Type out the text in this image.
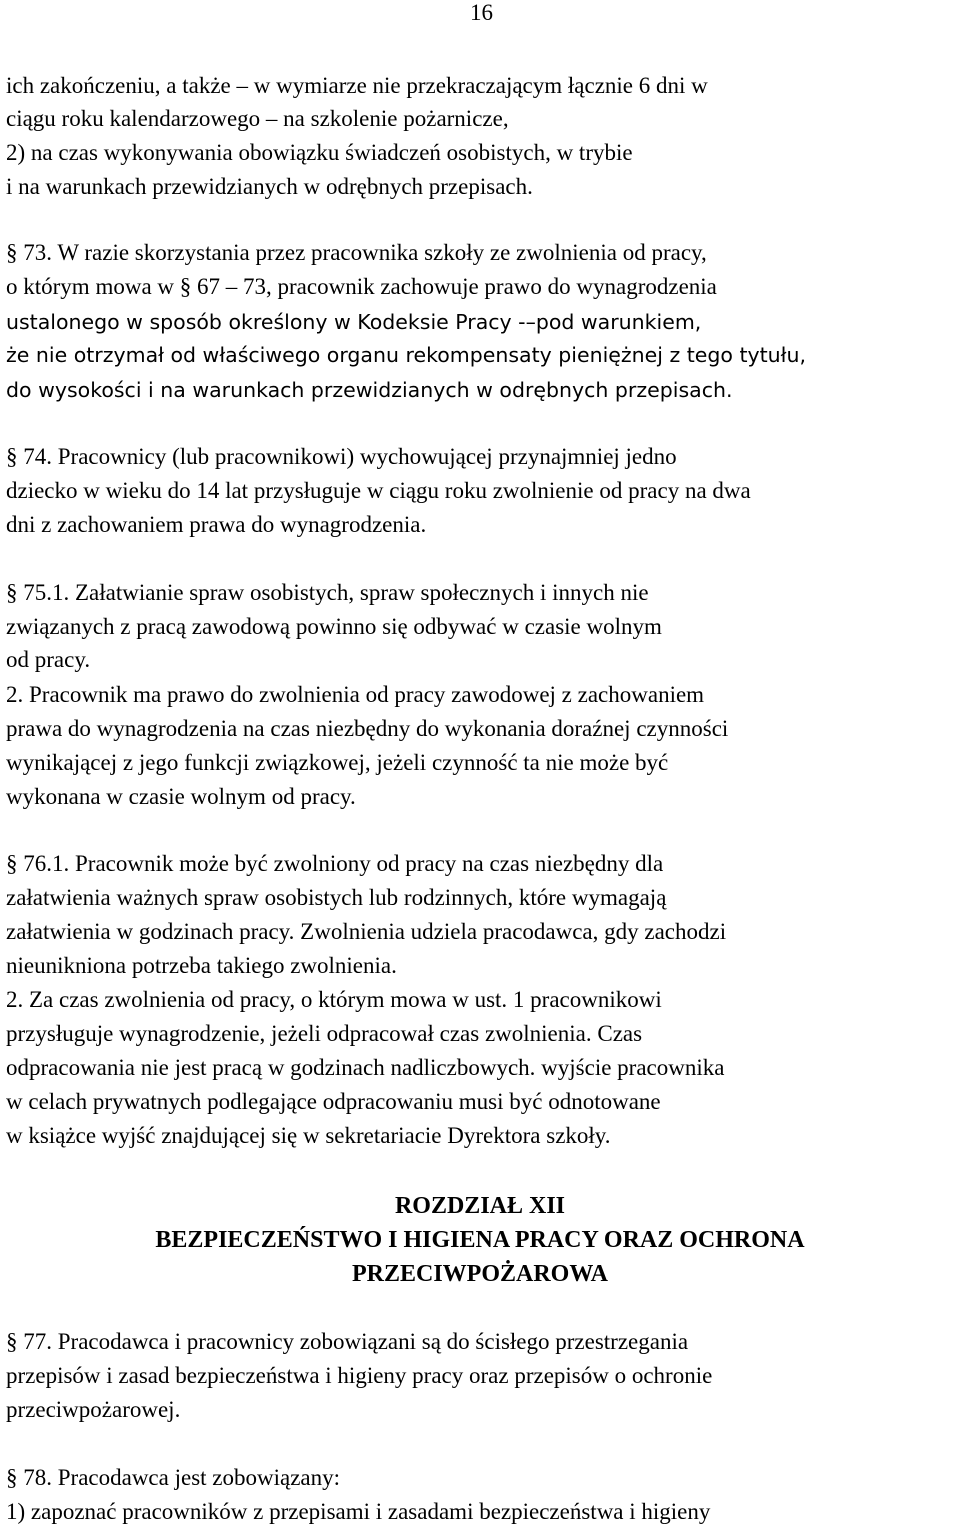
16
ich zakończeniu, a także – w wymiarze nie przekraczającym łącznie 6 dni w
ciągu roku kalendarzowego – na szkolenie pożarnicze,
2) na czas wykonywania obowiązku świadczeń osobistych, w trybie
i na warunkach przewidzianych w odrębnych przepisach.
§ 73. W razie skorzystania przez pracownika szkoły ze zwolnienia od pracy,
o którym mowa w § 67 – 73, pracownik zachowuje prawo do wynagrodzenia
ustalonego w sposób określony w Kodeksie Pracy -–pod warunkiem,
że nie otrzymał od właściwego organu rekompensaty pieniężnej z tego tytułu,
do wysokości i na warunkach przewidzianych w odrębnych przepisach.
§ 74. Pracownicy (lub pracownikowi) wychowującej przynajmniej jedno
dziecko w wieku do 14 lat przysługuje w ciągu roku zwolnienie od pracy na dwa
dni z zachowaniem prawa do wynagrodzenia.
§ 75.1. Załatwianie spraw osobistych, spraw społecznych i innych nie
związanych z pracą zawodową powinno się odbywać w czasie wolnym
od pracy.
2. Pracownik ma prawo do zwolnienia od pracy zawodowej z zachowaniem
prawa do wynagrodzenia na czas niezbędny do wykonania doraźnej czynności
wynikającej z jego funkcji związkowej, jeżeli czynność ta nie może być
wykonana w czasie wolnym od pracy.
§ 76.1. Pracownik może być zwolniony od pracy na czas niezbędny dla
załatwienia ważnych spraw osobistych lub rodzinnych, które wymagają
załatwienia w godzinach pracy. Zwolnienia udziela pracodawca, gdy zachodzi
nieunikniona potrzeba takiego zwolnienia.
2. Za czas zwolnienia od pracy, o którym mowa w ust. 1 pracownikowi
przysługuje wynagrodzenie, jeżeli odpracował czas zwolnienia. Czas
odpracowania nie jest pracą w godzinach nadliczbowych. wyjście pracownika
w celach prywatnych podlegające odpracowaniu musi być odnotowane
w książce wyjść znajdującej się w sekretariacie Dyrektora szkoły.
ROZDZIAŁ XII
BEZPIECZEŃSTWO I HIGIENA PRACY ORAZ OCHRONA
PRZECIWPOŻAROWA
§ 77. Pracodawca i pracownicy zobowiązani są do ścisłego przestrzegania
przepisów i zasad bezpieczeństwa i higieny pracy oraz przepisów o ochronie
przeciwpożarowej.
§ 78. Pracodawca jest zobowiązany:
1) zapoznać pracowników z przepisami i zasadami bezpieczeństwa i higieny
